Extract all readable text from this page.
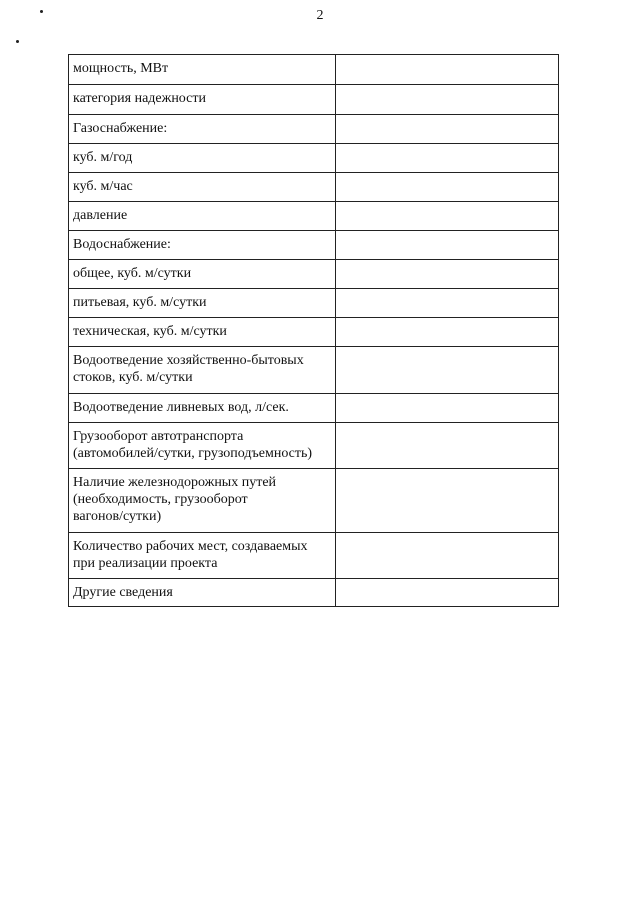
2
мощность, МВт	
категория надежности	
Газоснабжение:	
куб. м/год	
куб. м/час	
давление	
Водоснабжение:	
общее, куб. м/сутки	
питьевая, куб. м/сутки	
техническая, куб. м/сутки	
Водоотведение хозяйственно-бытовых
стоков, куб. м/сутки	
Водоотведение ливневых вод, л/сек.	
Грузооборот автотранспорта
(автомобилей/сутки, грузоподъемность)	
Наличие железнодорожных путей
(необходимость, грузооборот
вагонов/сутки)	
Количество рабочих мест, создаваемых
при реализации проекта	
Другие сведения	
